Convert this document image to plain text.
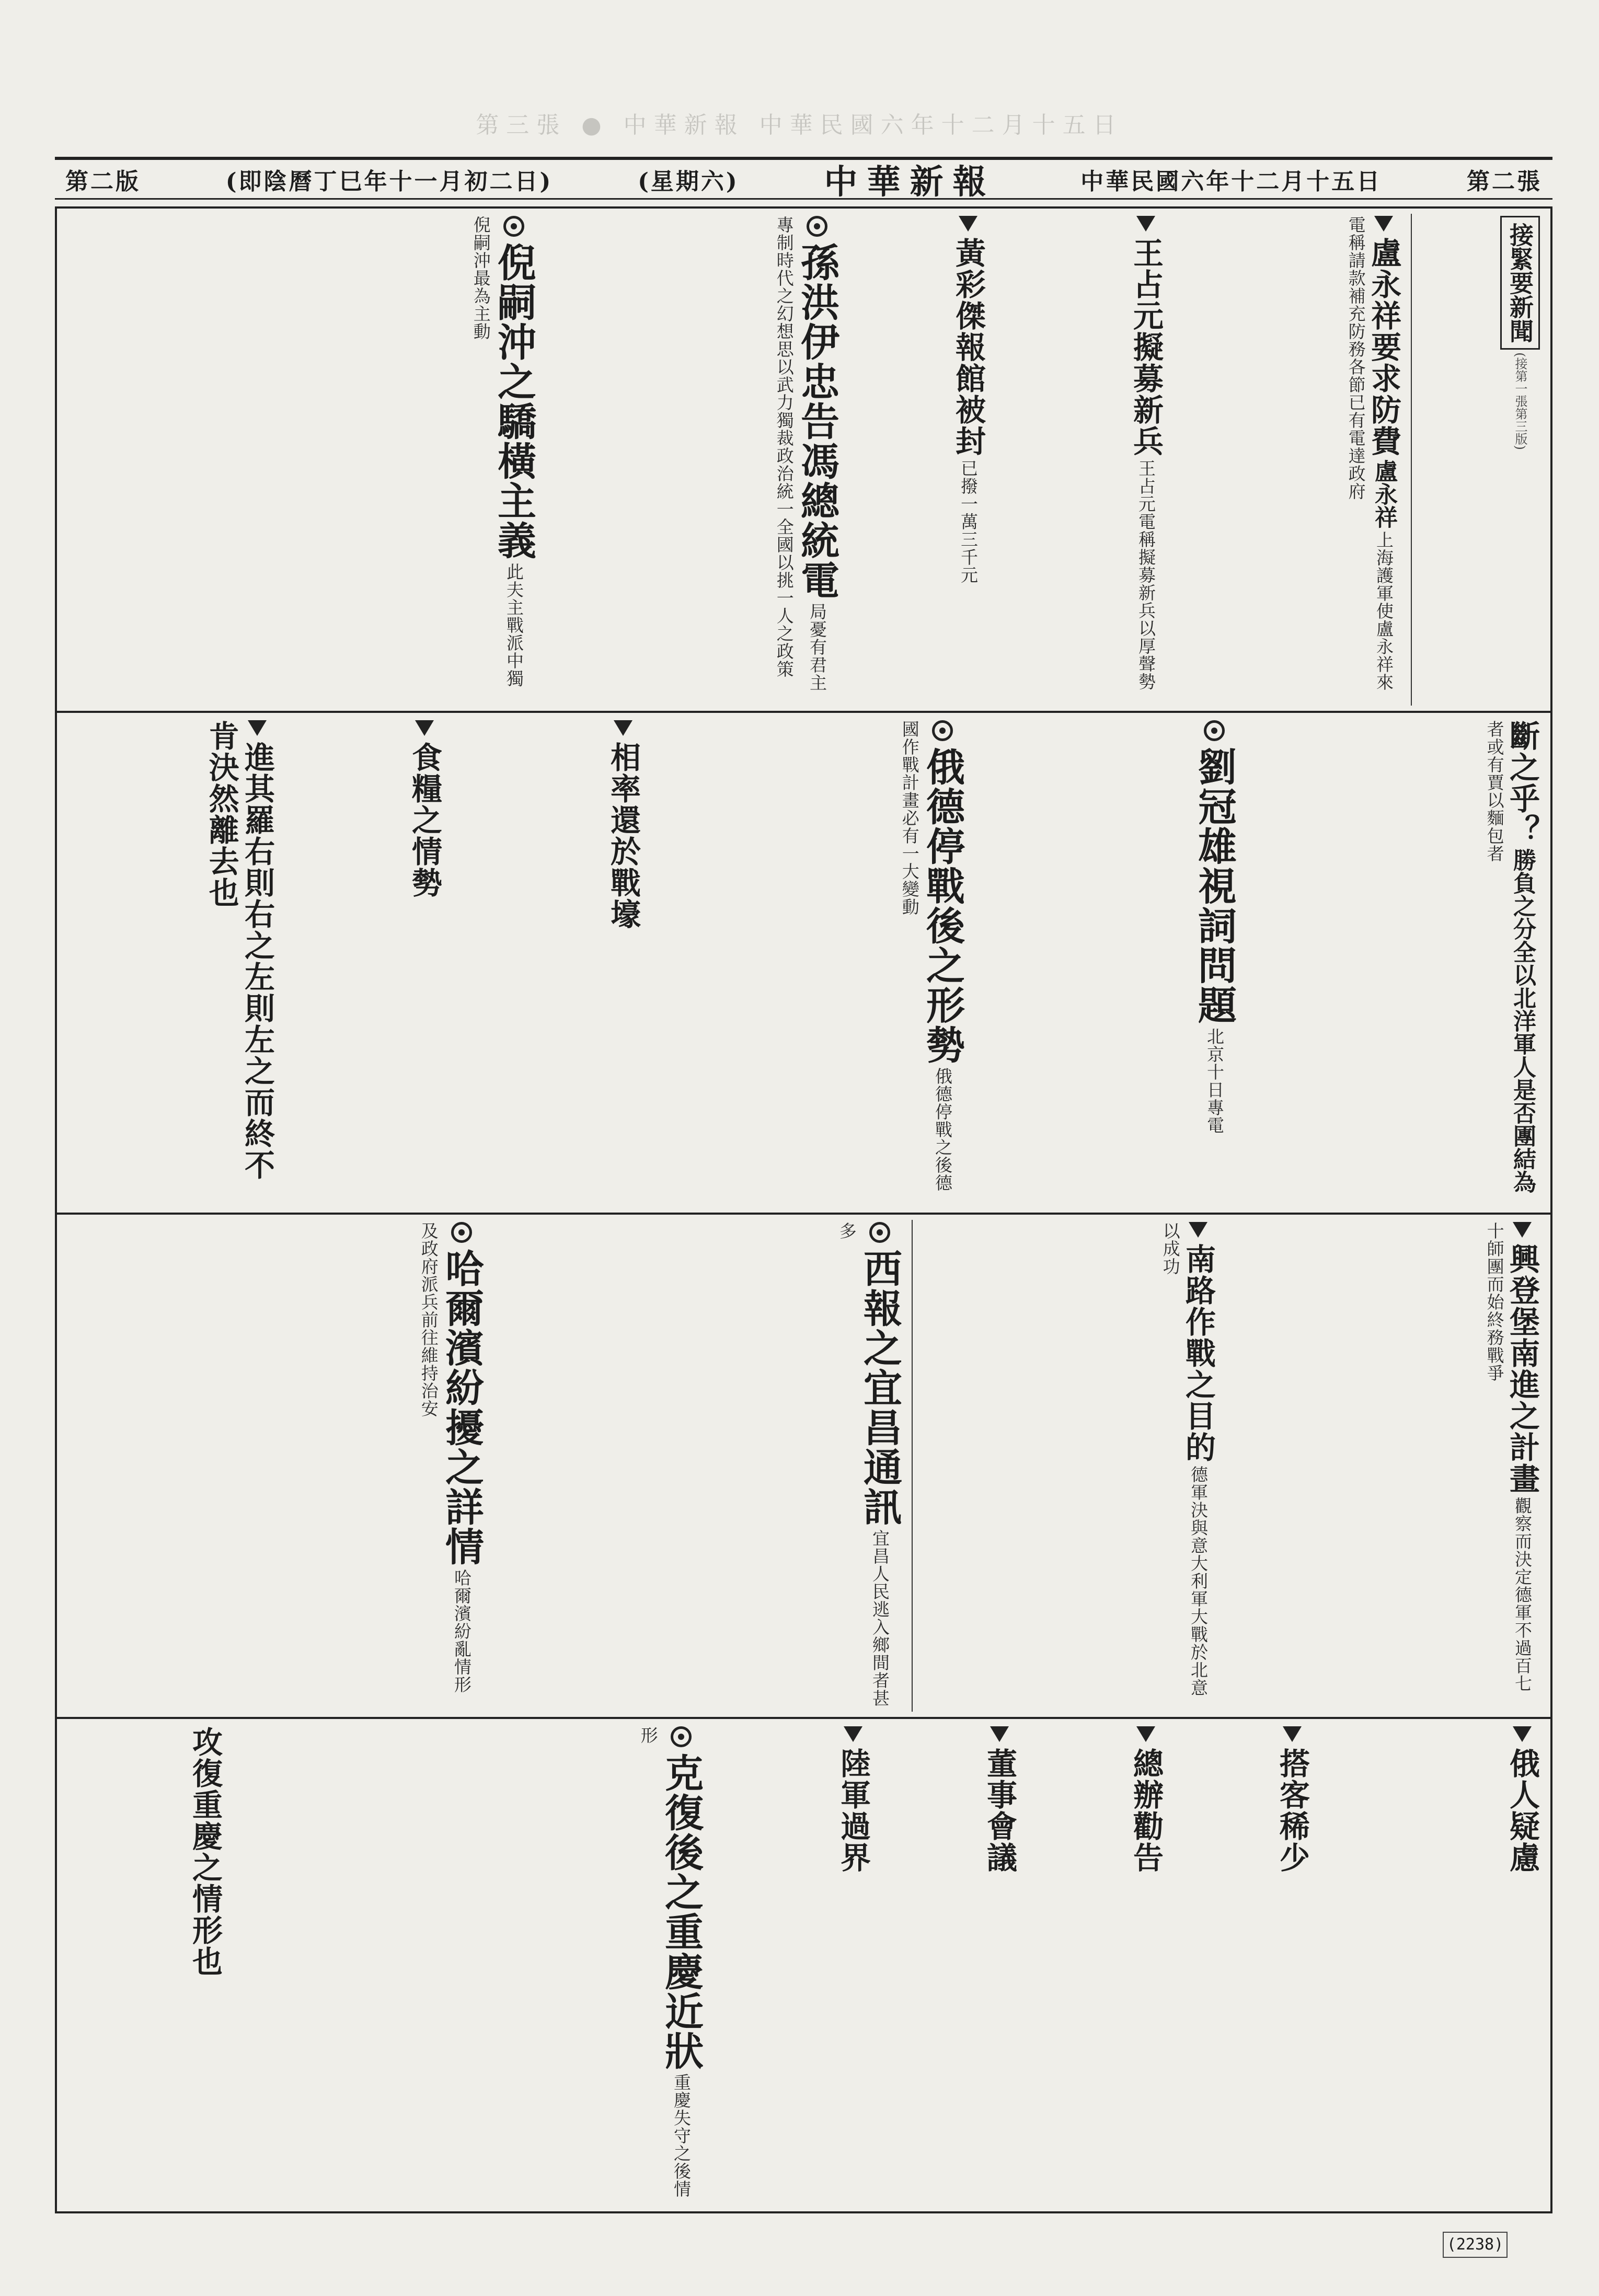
第三張 ● 中華新報 中華民國六年十二月十五日
第二版	(即陰曆丁巳年十一月初二日)	(星期六)	中華新報	中華民國六年十二月十五日	第二張
接緊要新聞 (接第一張第三版)
盧永祥要求防費 盧永祥 上海護軍使盧永祥來電稱請款補充防務各節已有電達政府
王占元擬募新兵 王占元電稱擬募新兵以厚聲勢
黃彩傑報館被封 已撥一萬三千元
孫洪伊忠告馮總統電 局憂有君主專制時代之幻想思以武力獨裁政治統一全國以挑一人之政策
倪嗣沖之驕橫主義 此夫主戰派中獨倪嗣沖最為主動
斷之乎？ 勝負之分全以北洋軍人是否團結為 者或有賈以麵包者
劉冠雄視詞問題 北京十日專電
俄德停戰後之形勢 俄德停戰之後德國作戰計畫必有一大變動
相率還於戰壕
食糧之情勢
進其羅右則右之左則左之而終不肯決然離去也
興登堡南進之計畫 觀察而決定德軍不過百七十師團而始終務戰爭
南路作戰之目的 德軍決與意大利軍大戰於北意以成功
西報之宜昌通訊 宜昌人民逃入鄉間者甚多
哈爾濱紛擾之詳情 哈爾濱紛亂情形及政府派兵前往維持治安
俄人疑慮
搭客稀少
總辦勸告
董事會議
陸軍過界
克復後之重慶近狀 重慶失守之後情形
攻復重慶之情形也
(2238)
